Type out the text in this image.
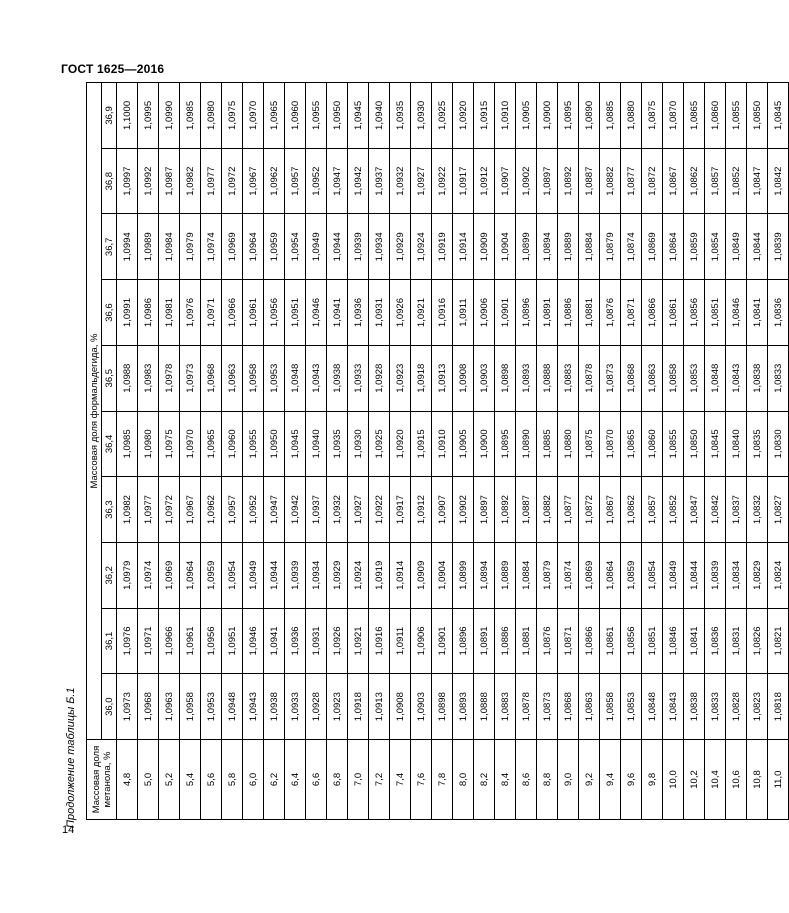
ГОСТ 1625—2016
Продолжение таблицы Б.1	Массовая доля метанола, %	Массовая доля формальдегида, %									
	36,0	36,1	36,2	36,3	36,4	36,5	36,6	36,7	36,8	36,9
4,8	1,0973	1,0976	1,0979	1,0982	1,0985	1,0988	1,0991	1,0994	1,0997	1,1000
5,0	1,0968	1,0971	1,0974	1,0977	1,0980	1,0983	1,0986	1,0989	1,0992	1,0995
5,2	1,0963	1,0966	1,0969	1,0972	1,0975	1,0978	1,0981	1,0984	1,0987	1,0990
5,4	1,0958	1,0961	1,0964	1,0967	1,0970	1,0973	1,0976	1,0979	1,0982	1,0985
5,6	1,0953	1,0956	1,0959	1,0962	1,0965	1,0968	1,0971	1,0974	1,0977	1,0980
5,8	1,0948	1,0951	1,0954	1,0957	1,0960	1,0963	1,0966	1,0969	1,0972	1,0975
6,0	1,0943	1,0946	1,0949	1,0952	1,0955	1,0958	1,0961	1,0964	1,0967	1,0970
6,2	1,0938	1,0941	1,0944	1,0947	1,0950	1,0953	1,0956	1,0959	1,0962	1,0965
6,4	1,0933	1,0936	1,0939	1,0942	1,0945	1,0948	1,0951	1,0954	1,0957	1,0960
6,6	1,0928	1,0931	1,0934	1,0937	1,0940	1,0943	1,0946	1,0949	1,0952	1,0955
6,8	1,0923	1,0926	1,0929	1,0932	1,0935	1,0938	1,0941	1,0944	1,0947	1,0950
7,0	1,0918	1,0921	1,0924	1,0927	1,0930	1,0933	1,0936	1,0939	1,0942	1,0945
7,2	1,0913	1,0916	1,0919	1,0922	1,0925	1,0928	1,0931	1,0934	1,0937	1,0940
7,4	1,0908	1,0911	1,0914	1,0917	1,0920	1,0923	1,0926	1,0929	1,0932	1,0935
7,6	1,0903	1,0906	1,0909	1,0912	1,0915	1,0918	1,0921	1,0924	1,0927	1,0930
7,8	1,0898	1,0901	1,0904	1,0907	1,0910	1,0913	1,0916	1,0919	1,0922	1,0925
8,0	1,0893	1,0896	1,0899	1,0902	1,0905	1,0908	1,0911	1,0914	1,0917	1,0920
8,2	1,0888	1,0891	1,0894	1,0897	1,0900	1,0903	1,0906	1,0909	1,0912	1,0915
8,4	1,0883	1,0886	1,0889	1,0892	1,0895	1,0898	1,0901	1,0904	1,0907	1,0910
8,6	1,0878	1,0881	1,0884	1,0887	1,0890	1,0893	1,0896	1,0899	1,0902	1,0905
8,8	1,0873	1,0876	1,0879	1,0882	1,0885	1,0888	1,0891	1,0894	1,0897	1,0900
9,0	1,0868	1,0871	1,0874	1,0877	1,0880	1,0883	1,0886	1,0889	1,0892	1,0895
9,2	1,0863	1,0866	1,0869	1,0872	1,0875	1,0878	1,0881	1,0884	1,0887	1,0890
9,4	1,0858	1,0861	1,0864	1,0867	1,0870	1,0873	1,0876	1,0879	1,0882	1,0885
9,6	1,0853	1,0856	1,0859	1,0862	1,0865	1,0868	1,0871	1,0874	1,0877	1,0880
9,8	1,0848	1,0851	1,0854	1,0857	1,0860	1,0863	1,0866	1,0869	1,0872	1,0875
10,0	1,0843	1,0846	1,0849	1,0852	1,0855	1,0858	1,0861	1,0864	1,0867	1,0870
10,2	1,0838	1,0841	1,0844	1,0847	1,0850	1,0853	1,0856	1,0859	1,0862	1,0865
10,4	1,0833	1,0836	1,0839	1,0842	1,0845	1,0848	1,0851	1,0854	1,0857	1,0860
10,6	1,0828	1,0831	1,0834	1,0837	1,0840	1,0843	1,0846	1,0849	1,0852	1,0855
10,8	1,0823	1,0826	1,0829	1,0832	1,0835	1,0838	1,0841	1,0844	1,0847	1,0850
11,0	1,0818	1,0821	1,0824	1,0827	1,0830	1,0833	1,0836	1,0839	1,0842	1,0845
14
